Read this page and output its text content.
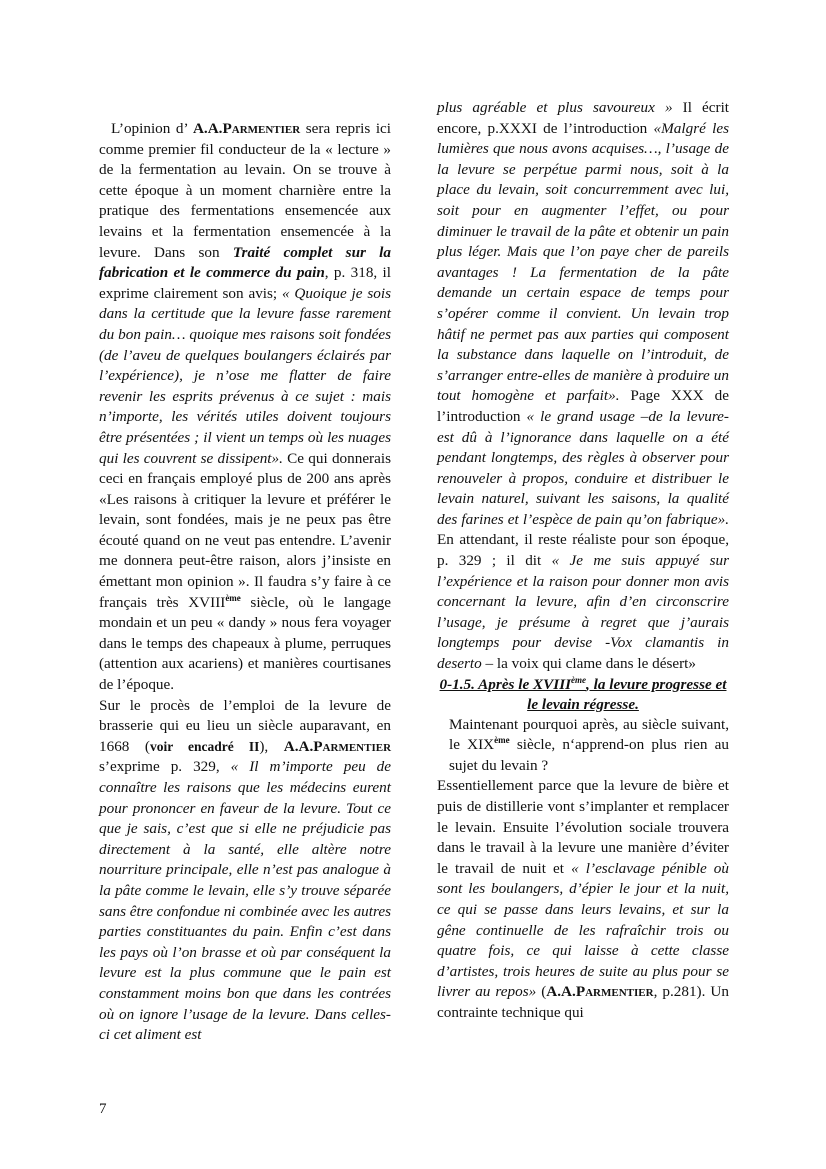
L’opinion d’ A.A.Parmentier sera repris ici comme premier fil conducteur de la « lecture » de la fermentation au levain. On se trouve à cette époque à un moment charnière entre la pratique des fermentations ensemencée aux levains et la fermentation ensemencée à la levure. Dans son Traité complet sur la fabrication et le commerce du pain, p. 318, il exprime clairement son avis; « Quoique je sois dans la certitude que la levure fasse rarement du bon pain… quoique mes raisons soit fondées (de l’aveu de quelques boulangers éclairés par l’expérience), je n’ose me flatter de faire revenir les esprits prévenus à ce sujet : mais n’importe, les vérités utiles doivent toujours être présentées ; il vient un temps où les nuages qui les couvrent se dissipent». Ce qui donnerais ceci en français employé plus de 200 ans après «Les raisons à critiquer la levure et préférer le levain, sont fondées, mais je ne peux pas être écouté quand on ne veut pas entendre. L’avenir me donnera peut-être raison, alors j’insiste en émettant mon opinion ». Il faudra s’y faire à ce français très XVIIIème siècle, où le langage mondain et un peu « dandy » nous fera voyager dans le temps des chapeaux à plume, perruques (attention aux acariens) et manières courtisanes de l’époque.

Sur le procès de l’emploi de la levure de brasserie qui eu lieu un siècle auparavant, en 1668 (voir encadré II), A.A.Parmentier s’exprime p. 329, « Il m’importe peu de connaître les raisons que les médecins eurent pour prononcer en faveur de la levure. Tout ce que je sais, c’est que si elle ne préjudicie pas directement à la santé, elle altère notre nourriture principale, elle n’est pas analogue à la pâte comme le levain, elle s’y trouve séparée sans être confondue ni combinée avec les autres parties constituantes du pain. Enfin c’est dans les pays où l’on brasse et où par conséquent la levure est la plus commune que le pain est constamment moins bon que dans les contrées où on ignore l’usage de la levure. Dans celles-ci cet aliment est

plus agréable et plus savoureux » Il écrit encore, p.XXXI de l’introduction «Malgré les lumières que nous avons acquises…, l’usage de la levure se perpétue parmi nous, soit à la place du levain, soit concurremment avec lui, soit pour en augmenter l’effet, ou pour diminuer le travail de la pâte et obtenir un pain plus léger. Mais que l’on paye cher de pareils avantages ! La fermentation de la pâte demande un certain espace de temps pour s’opérer comme il convient. Un levain trop hâtif ne permet pas aux parties qui composent la substance dans laquelle on l’introduit, de s’arranger entre-elles de manière à produire un tout homogène et parfait». Page XXX de l’introduction « le grand usage –de la levure- est dû à l’ignorance dans laquelle on a été pendant longtemps, des règles à observer pour renouveler à propos, conduire et distribuer le levain naturel, suivant les saisons, la qualité des farines et l’espèce de pain qu’on fabrique». En attendant, il reste réaliste pour son époque, p. 329 ; il dit « Je me suis appuyé sur l’expérience et la raison pour donner mon avis concernant la levure, afin d’en circonscrire l’usage, je présume à regret que j’aurais longtemps pour devise -Vox clamantis in deserto – la voix qui clame dans le désert»

0-1.5. Après le XVIIIème, la levure progresse et le levain régresse.

Maintenant pourquoi après, au siècle suivant, le XIXème siècle, n‘apprend-on plus rien au sujet du levain ?

Essentiellement parce que la levure de bière et puis de distillerie vont s’implanter et remplacer le levain. Ensuite l’évolution sociale trouvera dans le travail à la levure une manière d’éviter le travail de nuit et « l’esclavage pénible où sont les boulangers, d’épier le jour et la nuit, ce qui se passe dans leurs levains, et sur la gêne continuelle de les rafraîchir trois ou quatre fois, ce qui laisse à cette classe d’artistes, trois heures de suite au plus pour se livrer au repos» (A.A.Parmentier, p.281). Un contrainte technique qui

7
